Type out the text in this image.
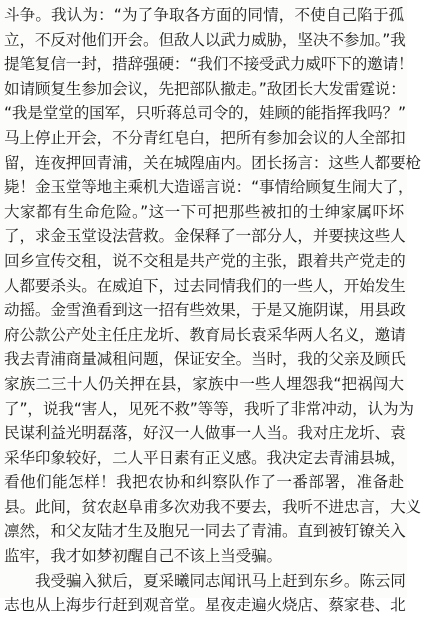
斗争。我认为：“为了争取各方面的同情，不使自己陷于孤
立，不反对他们开会。但敌人以武力威胁，坚决不参加。”我
提笔复信一封，措辞强硬：“我们不接受武力威吓下的邀请！
如请顾复生参加会议，先把部队撤走。”敌团长大发雷霆说：
“我是堂堂的国军，只听蒋总司令的，娃顾的能指挥我吗？”
马上停止开会，不分青红皂白，把所有参加会议的人全部扣
留，连夜押回青浦，关在城隍庙内。团长扬言：这些人都要枪
毙！金玉堂等地主乘机大造谣言说：“事情给顾复生闹大了，
大家都有生命危险。”这一下可把那些被扣的士绅家属吓坏
了，求金玉堂设法营救。金保释了一部分人，并要挟这些人
回乡宣传交租，说不交租是共产党的主张，跟着共产党走的
人都要杀头。在威迫下，过去同情我们的一些人，开始发生
动摇。金雪渔看到这一招有些效果，于是又施阴谋，用县政
府公款公产处主任庄龙圻、教育局长袁采华两人名义，邀请
我去青浦商量减租问题，保证安全。当时，我的父亲及顾氏
家族二三十人仍关押在县，家族中一些人埋怨我“把祸闯大
了”，说我“害人，见死不救”等等，我听了非常冲动，认为为
民谋利益光明磊落，好汉一人做事一人当。我对庄龙圻、袁
采华印象较好，二人平日素有正义感。我决定去青浦县城，
看他们能怎样！我把农协和纠察队作了一番部署，准备赴
县。此间，贫农赵阜甫多次劝我不要去，我听不进忠言，大义
凛然，和父友陆才生及胞兄一同去了青浦。直到被钉镣关入
监牢，我才如梦初醒自己不该上当受骗。
我受骗入狱后，夏采曦同志闻讯马上赶到东乡。陈云同
志也从上海步行赶到观音堂。星夜走遍火烧店、蔡家巷、北
